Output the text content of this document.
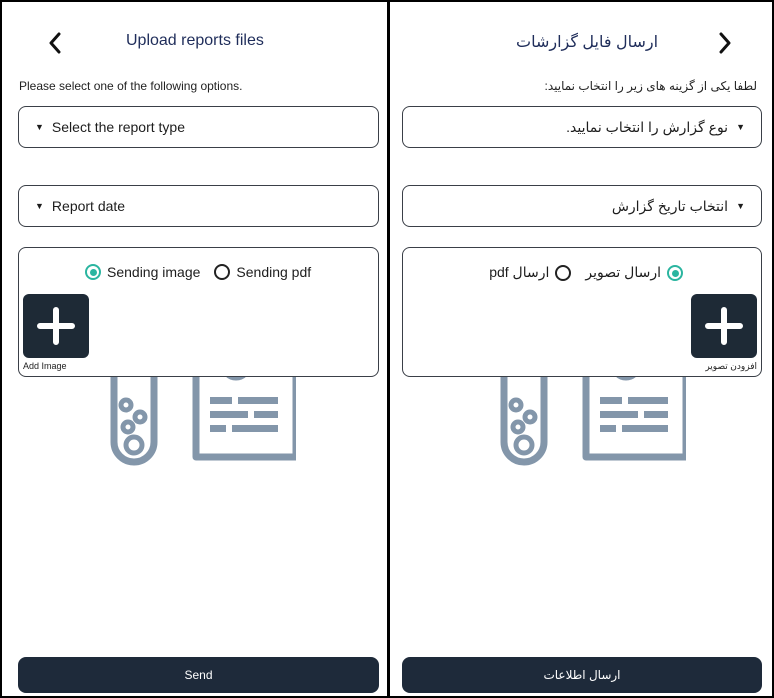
Upload reports files
Please select one of the following options.
▼ Select the report type
▼ Report date
Sending image	Sending pdf
Add Image
Send
ارسال فایل گزارشات
لطفا یکی از گزینه های زیر را انتخاب نمایید:
نوع گزارش را انتخاب نمایید. ▼
انتخاب تاریخ گزارش ▼
ارسال تصویر
ارسال pdf
افزودن تصویر
ارسال اطلاعات
